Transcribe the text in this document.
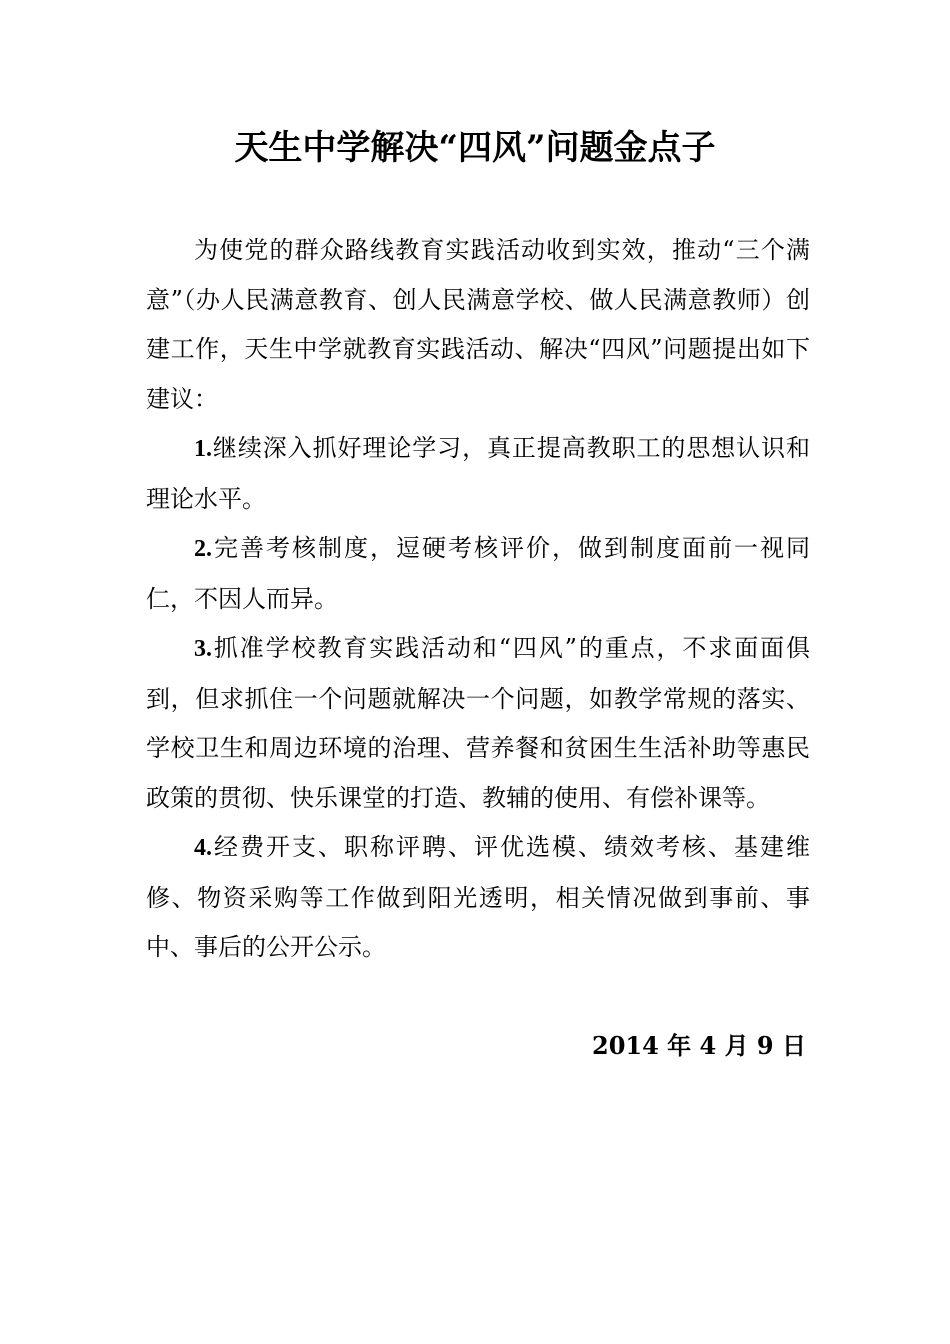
天生中学解决“四风”问题金点子

为使党的群众路线教育实践活动收到实效，推动“三个满意”（办人民满意教育、创人民满意学校、做人民满意教师）创建工作，天生中学就教育实践活动、解决“四风”问题提出如下建议：

1.继续深入抓好理论学习，真正提高教职工的思想认识和理论水平。

2.完善考核制度，逗硬考核评价，做到制度面前一视同仁，不因人而异。

3.抓准学校教育实践活动和“四风”的重点，不求面面俱到，但求抓住一个问题就解决一个问题，如教学常规的落实、学校卫生和周边环境的治理、营养餐和贫困生生活补助等惠民政策的贯彻、快乐课堂的打造、教辅的使用、有偿补课等。

4.经费开支、职称评聘、评优选模、绩效考核、基建维修、物资采购等工作做到阳光透明，相关情况做到事前、事中、事后的公开公示。

2014 年 4 月 9 日
